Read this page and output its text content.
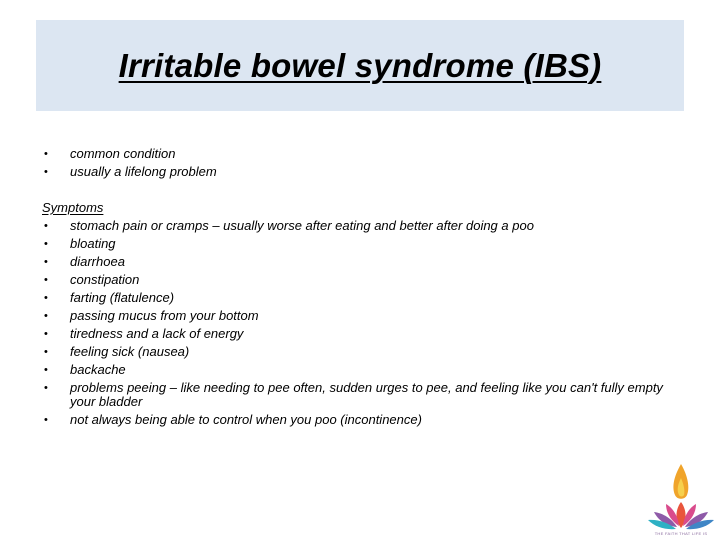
Irritable bowel syndrome (IBS)
• common condition
• usually a lifelong problem
Symptoms
• stomach pain or cramps – usually worse after eating and better after doing a poo
• bloating
• diarrhoea
• constipation
• farting (flatulence)
• passing mucus from your bottom
• tiredness and a lack of energy
• feeling sick (nausea)
• backache
• problems peeing – like needing to pee often, sudden urges to pee, and feeling like you can't fully empty your bladder
• not always being able to control when you poo (incontinence)
THE FAITH THAT LIFE IS
